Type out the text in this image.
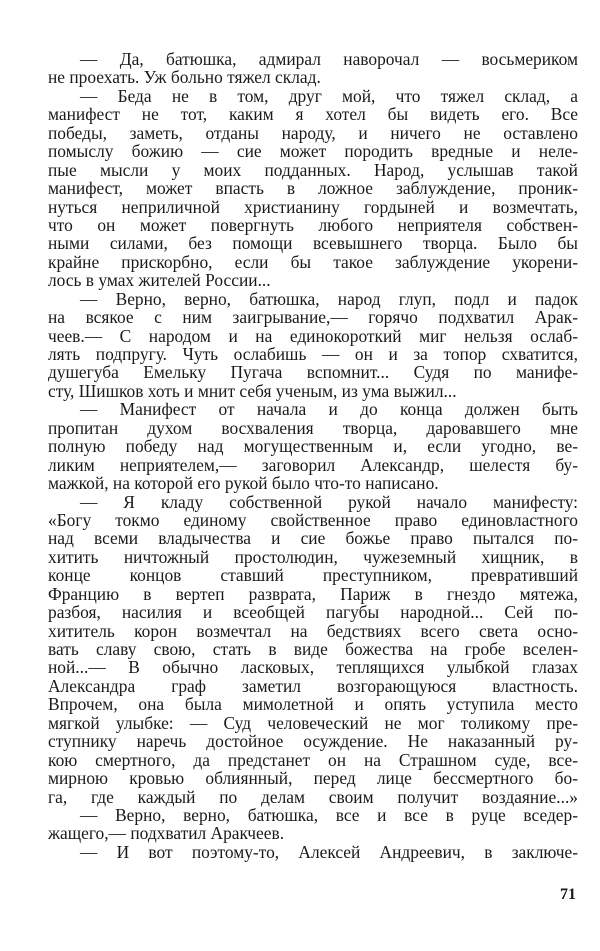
— Да, батюшка, адмирал наворочал — восьмериком
не проехать. Уж больно тяжел склад.
— Беда не в том, друг мой, что тяжел склад, а
манифест не тот, каким я хотел бы видеть его. Все
победы, заметь, отданы народу, и ничего не оставлено
помыслу божию — сие может породить вредные и неле-
пые мысли у моих подданных. Народ, услышав такой
манифест, может впасть в ложное заблуждение, проник-
нуться неприличной христианину гордыней и возмечтать,
что он может повергнуть любого неприятеля собствен-
ными силами, без помощи всевышнего творца. Было бы
крайне прискорбно, если бы такое заблуждение укорени-
лось в умах жителей России...
— Верно, верно, батюшка, народ глуп, подл и падок
на всякое с ним заигрывание,— горячо подхватил Арак-
чеев.— С народом и на единокороткий миг нельзя ослаб-
лять подпругу. Чуть ослабишь — он и за топор схватится,
душегуба Емельку Пугача вспомнит... Судя по манифе-
сту, Шишков хоть и мнит себя ученым, из ума выжил...
— Манифест от начала и до конца должен быть
пропитан духом восхваления творца, даровавшего мне
полную победу над могущественным и, если угодно, ве-
ликим неприятелем,— заговорил Александр, шелестя бу-
мажкой, на которой его рукой было что-то написано.
— Я кладу собственной рукой начало манифесту:
«Богу токмо единому свойственное право единовластного
над всеми владычества и сие божье право пытался по-
хитить ничтожный простолюдин, чужеземный хищник, в
конце концов ставший преступником, превративший
Францию в вертеп разврата, Париж в гнездо мятежа,
разбоя, насилия и всеобщей пагубы народной... Сей по-
хититель корон возмечтал на бедствиях всего света осно-
вать славу свою, стать в виде божества на гробе вселен-
ной...— В обычно ласковых, теплящихся улыбкой глазах
Александра граф заметил возгорающуюся властность.
Впрочем, она была мимолетной и опять уступила место
мягкой улыбке: — Суд человеческий не мог толикому пре-
ступнику наречь достойное осуждение. Не наказанный ру-
кою смертного, да предстанет он на Страшном суде, все-
мирною кровью облиянный, перед лице бессмертного бо-
га, где каждый по делам своим получит воздаяние...»
— Верно, верно, батюшка, все и все в руце вседер-
жащего,— подхватил Аракчеев.
— И вот поэтому-то, Алексей Андреевич, в заключе-
71
